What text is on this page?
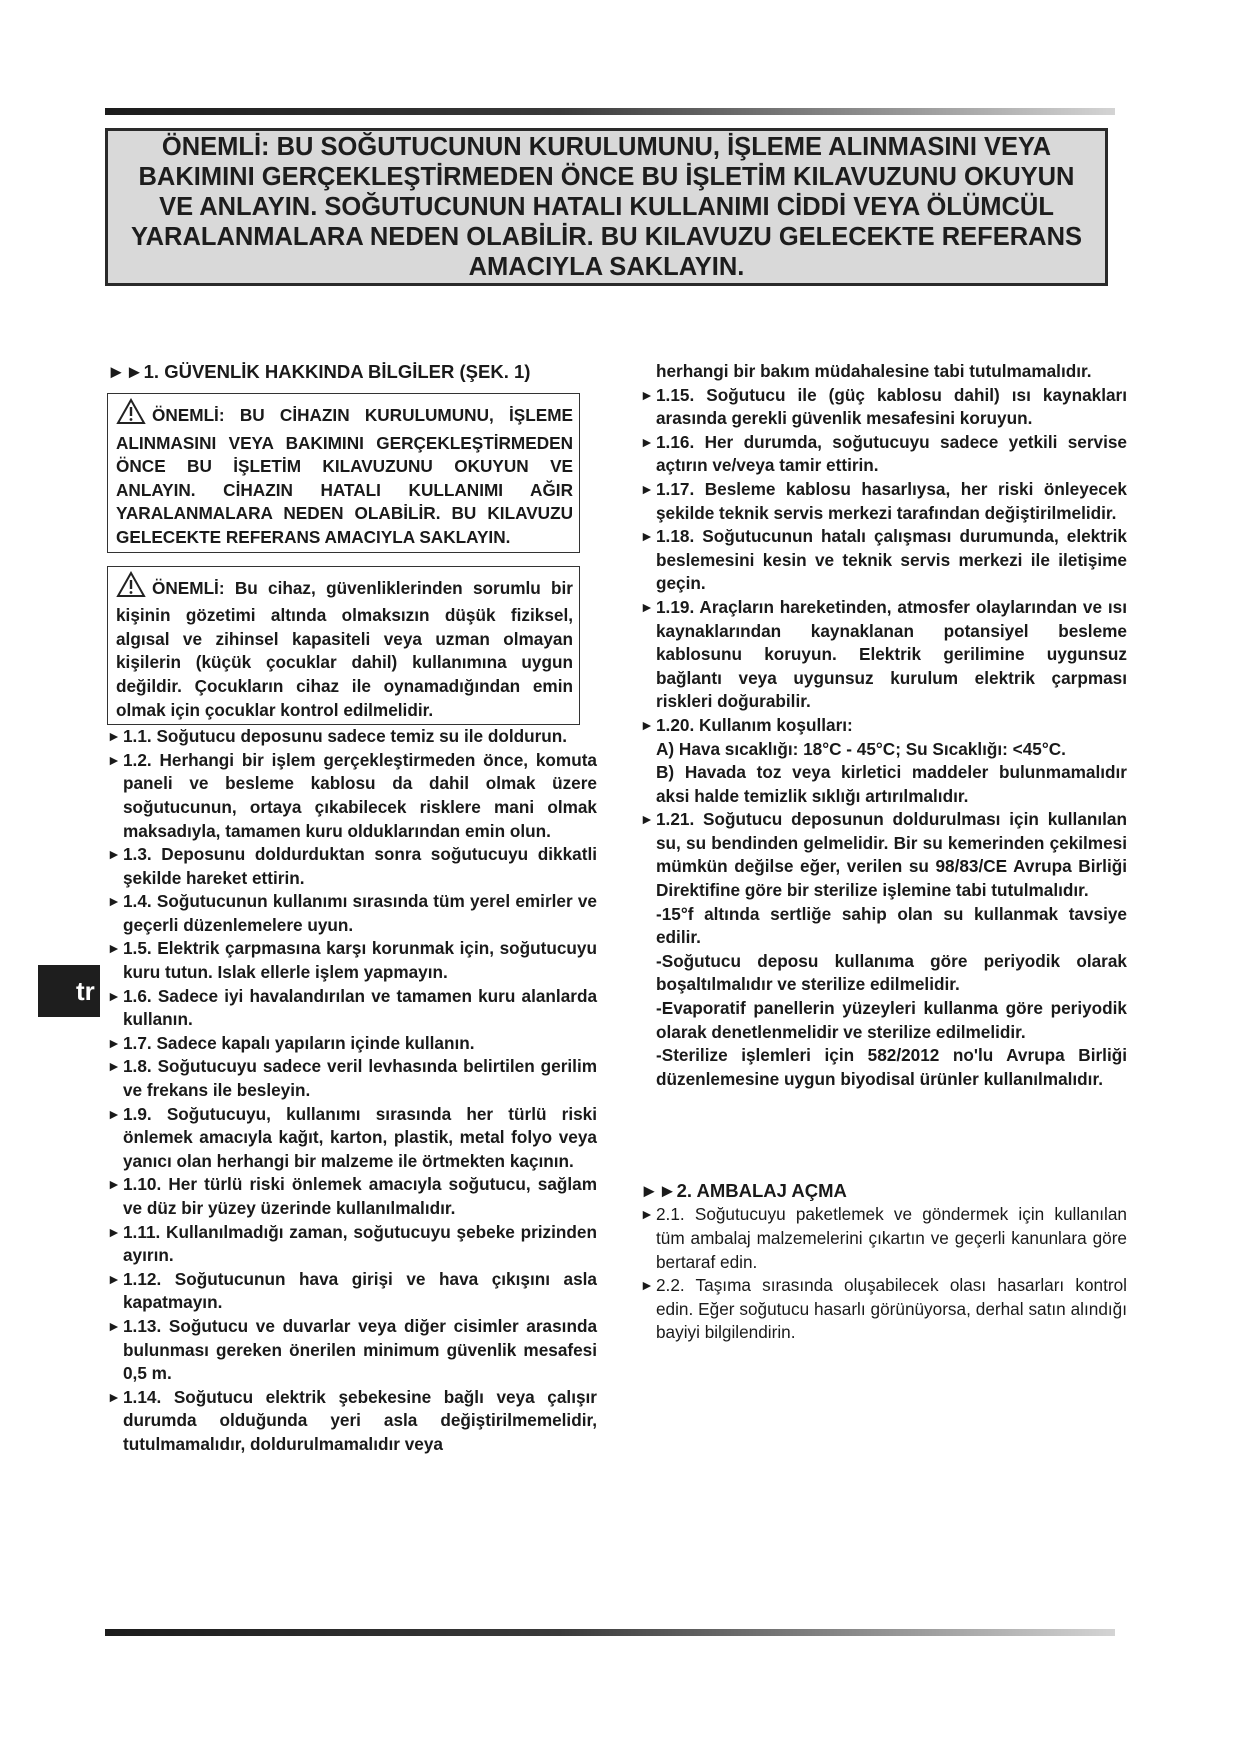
ÖNEMLİ: BU SOĞUTUCUNUN KURULUMUNU, İŞLEME ALINMASINI VEYA BAKIMINI GERÇEKLEŞTİRMEDEN ÖNCE BU İŞLETİM KILAVUZUNU OKUYUN VE ANLAYIN. SOĞUTUCUNUN HATALI KULLANIMI CİDDİ VEYA ÖLÜMCÜL YARALANMALARA NEDEN OLABİLİR. BU KILAVUZU GELECEKTE REFERANS AMACIYLA SAKLAYIN.

tr
►►1. GÜVENLİK HAKKINDA BİLGİLER (ŞEK. 1)
ÖNEMLİ: BU CİHAZIN KURULUMUNU, İŞLEME ALINMASINI VEYA BAKIMINI GERÇEKLEŞTİRMEDEN ÖNCE BU İŞLETİM KILAVUZUNU OKUYUN VE ANLAYIN. CİHAZIN HATALI KULLANIMI AĞIR YARALANMALARA NEDEN OLABİLİR. BU KILAVUZU GELECEKTE REFERANS AMACIYLA SAKLAYIN.
ÖNEMLİ: Bu cihaz, güvenliklerinden sorumlu bir kişinin gözetimi altında olmaksızın düşük fiziksel, algısal ve zihinsel kapasiteli veya uzman olmayan kişilerin (küçük çocuklar dahil) kullanımına uygun değildir. Çocukların cihaz ile oynamadığından emin olmak için çocuklar kontrol edilmelidir.
► 1.1. Soğutucu deposunu sadece temiz su ile doldurun.
► 1.2. Herhangi bir işlem gerçekleştirmeden önce, komuta paneli ve besleme kablosu da dahil olmak üzere soğutucunun, ortaya çıkabilecek risklere mani olmak maksadıyla, tamamen kuru olduklarından emin olun.
► 1.3. Deposunu doldurduktan sonra soğutucuyu dikkatli şekilde hareket ettirin.
► 1.4. Soğutucunun kullanımı sırasında tüm yerel emirler ve geçerli düzenlemelere uyun.
► 1.5. Elektrik çarpmasına karşı korunmak için, soğutucuyu kuru tutun. Islak ellerle işlem yapmayın.
► 1.6. Sadece iyi havalandırılan ve tamamen kuru alanlarda kullanın.
► 1.7. Sadece kapalı yapıların içinde kullanın.
► 1.8. Soğutucuyu sadece veril levhasında belirtilen gerilim ve frekans ile besleyin.
► 1.9. Soğutucuyu, kullanımı sırasında her türlü riski önlemek amacıyla kağıt, karton, plastik, metal folyo veya yanıcı olan herhangi bir malzeme ile örtmekten kaçının.
► 1.10. Her türlü riski önlemek amacıyla soğutucu, sağlam ve düz bir yüzey üzerinde kullanılmalıdır.
► 1.11. Kullanılmadığı zaman, soğutucuyu şebeke prizinden ayırın.
► 1.12. Soğutucunun hava girişi ve hava çıkışını asla kapatmayın.
► 1.13. Soğutucu ve duvarlar veya diğer cisimler arasında bulunması gereken önerilen minimum güvenlik mesafesi 0,5 m.
► 1.14. Soğutucu elektrik şebekesine bağlı veya çalışır durumda olduğunda yeri asla değiştirilmemelidir, tutulmamalıdır, doldurulmamalıdır veya
herhangi bir bakım müdahalesine tabi tutulmamalıdır.
► 1.15. Soğutucu ile (güç kablosu dahil) ısı kaynakları arasında gerekli güvenlik mesafesini koruyun.
► 1.16. Her durumda, soğutucuyu sadece yetkili servise açtırın ve/veya tamir ettirin.
► 1.17. Besleme kablosu hasarlıysa, her riski önleyecek şekilde teknik servis merkezi tarafından değiştirilmelidir.
► 1.18. Soğutucunun hatalı çalışması durumunda, elektrik beslemesini kesin ve teknik servis merkezi ile iletişime geçin.
► 1.19. Araçların hareketinden, atmosfer olaylarından ve ısı kaynaklarından kaynaklanan potansiyel besleme kablosunu koruyun. Elektrik gerilimine uygunsuz bağlantı veya uygunsuz kurulum elektrik çarpması riskleri doğurabilir.
► 1.20. Kullanım koşulları:
A) Hava sıcaklığı: 18°C - 45°C; Su Sıcaklığı: <45°C.
B) Havada toz veya kirletici maddeler bulunmamalıdır aksi halde temizlik sıklığı artırılmalıdır.
► 1.21. Soğutucu deposunun doldurulması için kullanılan su, su bendinden gelmelidir. Bir su kemerinden çekilmesi mümkün değilse eğer, verilen su 98/83/CE Avrupa Birliği Direktifine göre bir sterilize işlemine tabi tutulmalıdır.
-15°f altında sertliğe sahip olan su kullanmak tavsiye edilir.
-Soğutucu deposu kullanıma göre periyodik olarak boşaltılmalıdır ve sterilize edilmelidir.
-Evaporatif panellerin yüzeyleri kullanma göre periyodik olarak denetlenmelidir ve sterilize edilmelidir.
-Sterilize işlemleri için 582/2012 no'lu Avrupa Birliği düzenlemesine uygun biyodisal ürünler kullanılmalıdır.
►►2. AMBALAJ AÇMA
► 2.1. Soğutucuyu paketlemek ve göndermek için kullanılan tüm ambalaj malzemelerini çıkartın ve geçerli kanunlara göre bertaraf edin.
► 2.2. Taşıma sırasında oluşabilecek olası hasarları kontrol edin. Eğer soğutucu hasarlı görünüyorsa, derhal satın alındığı bayiyi bilgilendirin.
